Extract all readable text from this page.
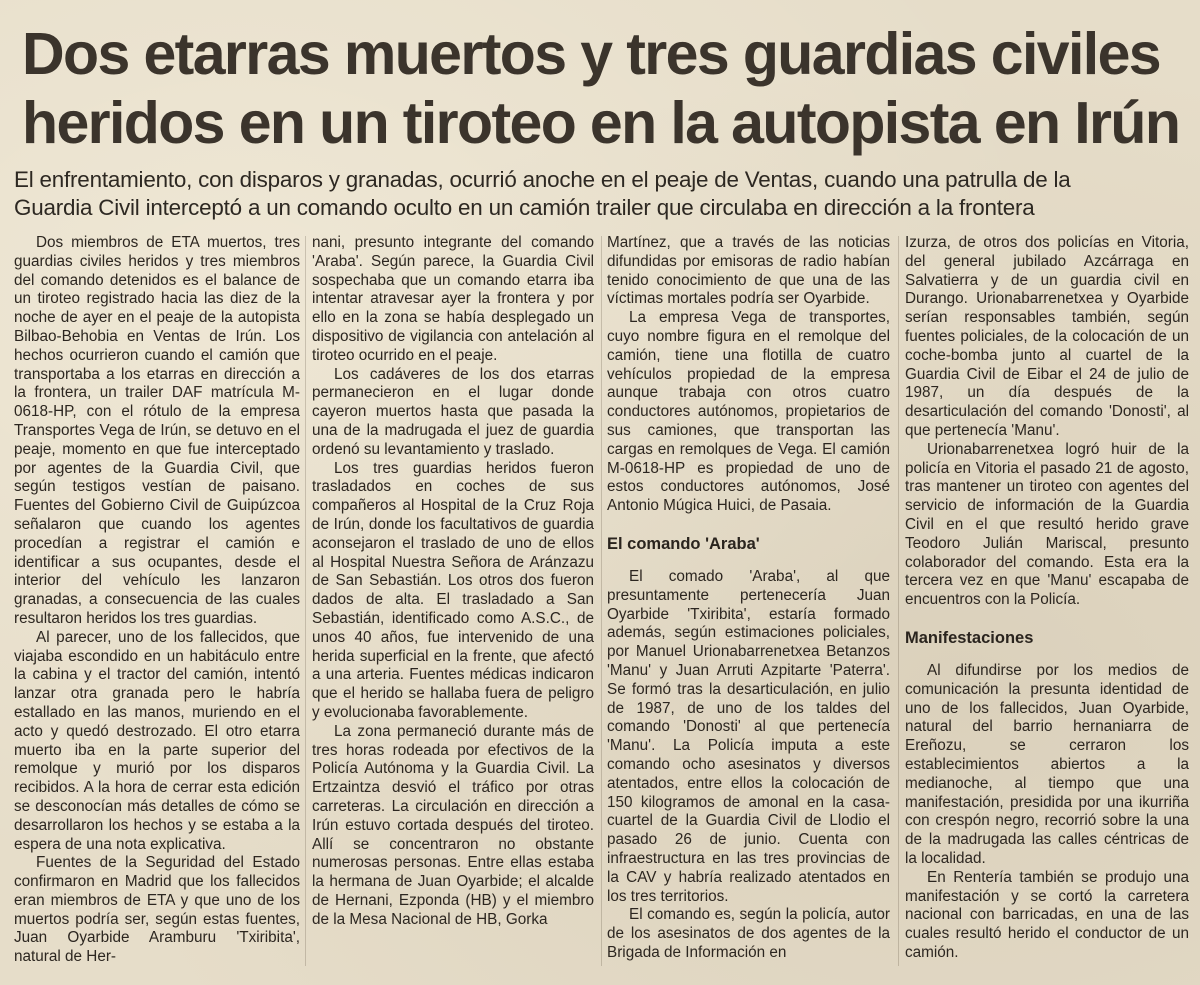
Dos etarras muertos y tres guardias civiles
heridos en un tiroteo en la autopista en Irún
El enfrentamiento, con disparos y granadas, ocurrió anoche en el peaje de Ventas, cuando una patrulla de la
Guardia Civil interceptó a un comando oculto en un camión trailer que circulaba en dirección a la frontera

Dos miembros de ETA muertos, tres guardias civiles heridos y tres miembros del comando detenidos es el balance de un tiroteo registrado hacia las diez de la noche de ayer en el peaje de la autopista Bilbao-Behobia en Ventas de Irún. Los hechos ocurrieron cuando el camión que transportaba a los etarras en dirección a la frontera, un trailer DAF matrícula M-0618-HP, con el rótulo de la empresa Transportes Vega de Irún, se detuvo en el peaje, momento en que fue interceptado por agentes de la Guardia Civil, que según testigos vestían de paisano. Fuentes del Gobierno Civil de Guipúzcoa señalaron que cuando los agentes procedían a registrar el camión e identificar a sus ocupantes, desde el interior del vehículo les lanzaron granadas, a consecuencia de las cuales resultaron heridos los tres guardias.

Al parecer, uno de los fallecidos, que viajaba escondido en un habitáculo entre la cabina y el tractor del camión, intentó lanzar otra granada pero le habría estallado en las manos, muriendo en el acto y quedó destrozado. El otro etarra muerto iba en la parte superior del remolque y murió por los disparos recibidos. A la hora de cerrar esta edición se desconocían más detalles de cómo se desarrollaron los hechos y se estaba a la espera de una nota explicativa.

Fuentes de la Seguridad del Estado confirmaron en Madrid que los fallecidos eran miembros de ETA y que uno de los muertos podría ser, según estas fuentes, Juan Oyarbide Aramburu 'Txiribita', natural de Her-

nani, presunto integrante del comando 'Araba'. Según parece, la Guardia Civil sospechaba que un comando etarra iba intentar atravesar ayer la frontera y por ello en la zona se había desplegado un dispositivo de vigilancia con antelación al tiroteo ocurrido en el peaje.

Los cadáveres de los dos etarras permanecieron en el lugar donde cayeron muertos hasta que pasada la una de la madrugada el juez de guardia ordenó su levantamiento y traslado.

Los tres guardias heridos fueron trasladados en coches de sus compañeros al Hospital de la Cruz Roja de Irún, donde los facultativos de guardia aconsejaron el traslado de uno de ellos al Hospital Nuestra Señora de Aránzazu de San Sebastián. Los otros dos fueron dados de alta. El trasladado a San Sebastián, identificado como A.S.C., de unos 40 años, fue intervenido de una herida superficial en la frente, que afectó a una arteria. Fuentes médicas indicaron que el herido se hallaba fuera de peligro y evolucionaba favorablemente.

La zona permaneció durante más de tres horas rodeada por efectivos de la Policía Autónoma y la Guardia Civil. La Ertzaintza desvió el tráfico por otras carreteras. La circulación en dirección a Irún estuvo cortada después del tiroteo. Allí se concentraron no obstante numerosas personas. Entre ellas estaba la hermana de Juan Oyarbide; el alcalde de Hernani, Ezponda (HB) y el miembro de la Mesa Nacional de HB, Gorka

Martínez, que a través de las noticias difundidas por emisoras de radio habían tenido conocimiento de que una de las víctimas mortales podría ser Oyarbide.

La empresa Vega de transportes, cuyo nombre figura en el remolque del camión, tiene una flotilla de cuatro vehículos propiedad de la empresa aunque trabaja con otros cuatro conductores autónomos, propietarios de sus camiones, que transportan las cargas en remolques de Vega. El camión M-0618-HP es propiedad de uno de estos conductores autónomos, José Antonio Múgica Huici, de Pasaia.

El comando 'Araba'

El comado 'Araba', al que presuntamente pertenecería Juan Oyarbide 'Txiribita', estaría formado además, según estimaciones policiales, por Manuel Urionabarrenetxea Betanzos 'Manu' y Juan Arruti Azpitarte 'Paterra'. Se formó tras la desarticulación, en julio de 1987, de uno de los taldes del comando 'Donosti' al que pertenecía 'Manu'. La Policía imputa a este comando ocho asesinatos y diversos atentados, entre ellos la colocación de 150 kilogramos de amonal en la casa-cuartel de la Guardia Civil de Llodio el pasado 26 de junio. Cuenta con infraestructura en las tres provincias de la CAV y habría realizado atentados en los tres territorios.

El comando es, según la policía, autor de los asesinatos de dos agentes de la Brigada de Información en

Izurza, de otros dos policías en Vitoria, del general jubilado Azcárraga en Salvatierra y de un guardia civil en Durango. Urionabarrenetxea y Oyarbide serían responsables también, según fuentes policiales, de la colocación de un coche-bomba junto al cuartel de la Guardia Civil de Eibar el 24 de julio de 1987, un día después de la desarticulación del comando 'Donosti', al que pertenecía 'Manu'.

Urionabarrenetxea logró huir de la policía en Vitoria el pasado 21 de agosto, tras mantener un tiroteo con agentes del servicio de información de la Guardia Civil en el que resultó herido grave Teodoro Julián Mariscal, presunto colaborador del comando. Esta era la tercera vez en que 'Manu' escapaba de encuentros con la Policía.

Manifestaciones

Al difundirse por los medios de comunicación la presunta identidad de uno de los fallecidos, Juan Oyarbide, natural del barrio hernaniarra de Ereñozu, se cerraron los establecimientos abiertos a la medianoche, al tiempo que una manifestación, presidida por una ikurriña con crespón negro, recorrió sobre la una de la madrugada las calles céntricas de la localidad.

En Rentería también se produjo una manifestación y se cortó la carretera nacional con barricadas, en una de las cuales resultó herido el conductor de un camión.
